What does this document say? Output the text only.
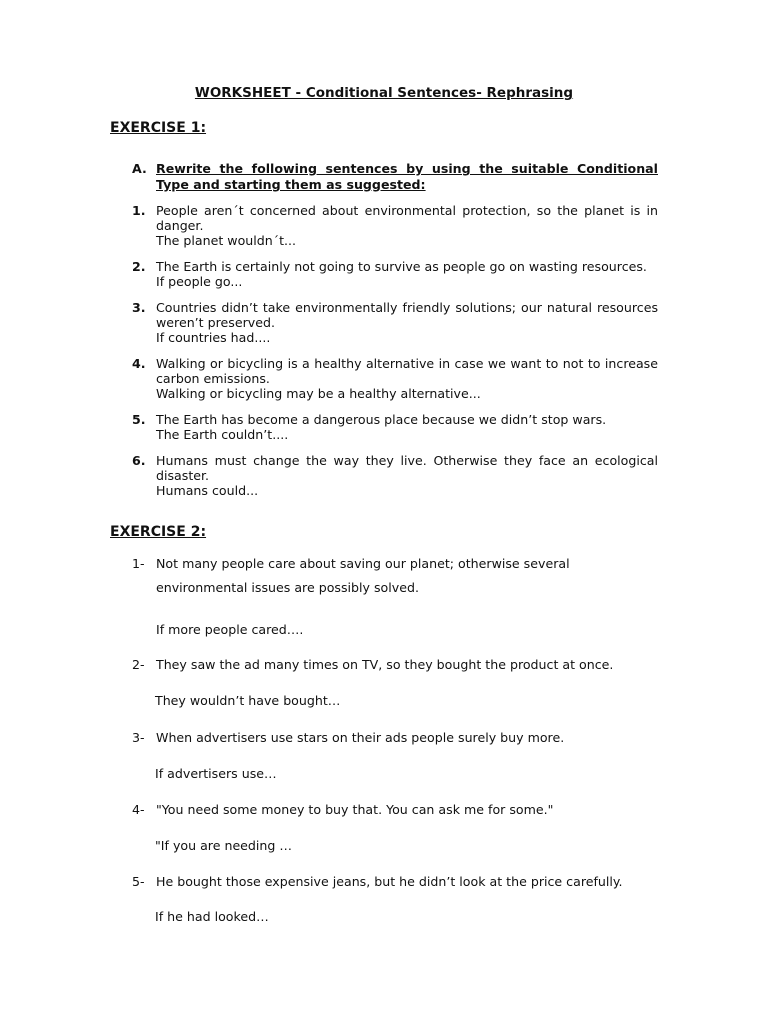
WORKSHEET - Conditional Sentences- Rephrasing
EXERCISE 1:
A. Rewrite the following sentences by using the suitable Conditional Type and starting them as suggested:
1. People aren´t concerned about environmental protection, so the planet is in danger.
The planet wouldn´t...
2. The Earth is certainly not going to survive as people go on wasting resources.
If people go...
3. Countries didn’t take environmentally friendly solutions; our natural resources weren’t preserved.
If countries had....
4. Walking or bicycling is a healthy alternative in case we want to not to increase carbon emissions.
Walking or bicycling may be a healthy alternative...
5. The Earth has become a dangerous place because we didn’t stop wars.
The Earth couldn’t....
6. Humans must change the way they live. Otherwise they face an ecological disaster.
Humans could...
EXERCISE 2:
1- Not many people care about saving our planet; otherwise several
environmental issues are possibly solved.
If more people cared….
2- They saw the ad many times on TV, so they bought the product at once.
They wouldn’t have bought…
3- When advertisers use stars on their ads people surely buy more.
If advertisers use…
4- "You need some money to buy that. You can ask me for some."
"If you are needing …
5- He bought those expensive jeans, but he didn’t look at the price carefully.
If he had looked…
